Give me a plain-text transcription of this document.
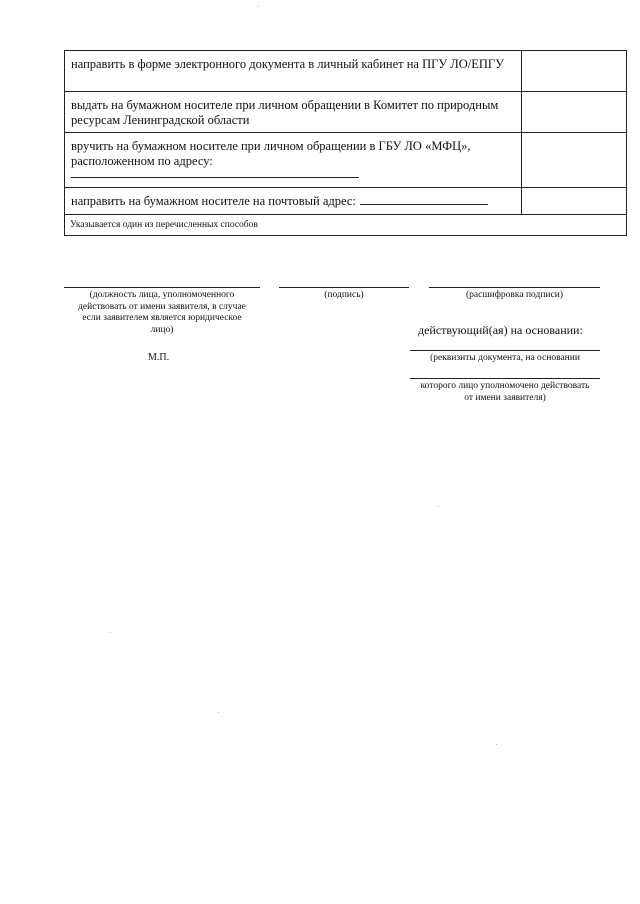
направить в форме электронного документа в личный кабинет на ПГУ ЛО/ЕПГУ	
выдать на бумажном носителе при личном обращении в Комитет по природным ресурсам Ленинградской области	
вручить на бумажном носителе при личном обращении в ГБУ ЛО «МФЦ», расположенном по адресу:

направить на бумажном носителе на почтовый адрес:	
Указывается один из перечисленных способов	
(должность лица, уполномоченного действовать от имени заявителя, в случае если заявителем является юридическое лицо)
(подпись)	(расшифровка подписи)
действующий(ая) на основании:
(реквизиты документа, на основании
которого лицо уполномочено действовать от имени заявителя)
М.П.
